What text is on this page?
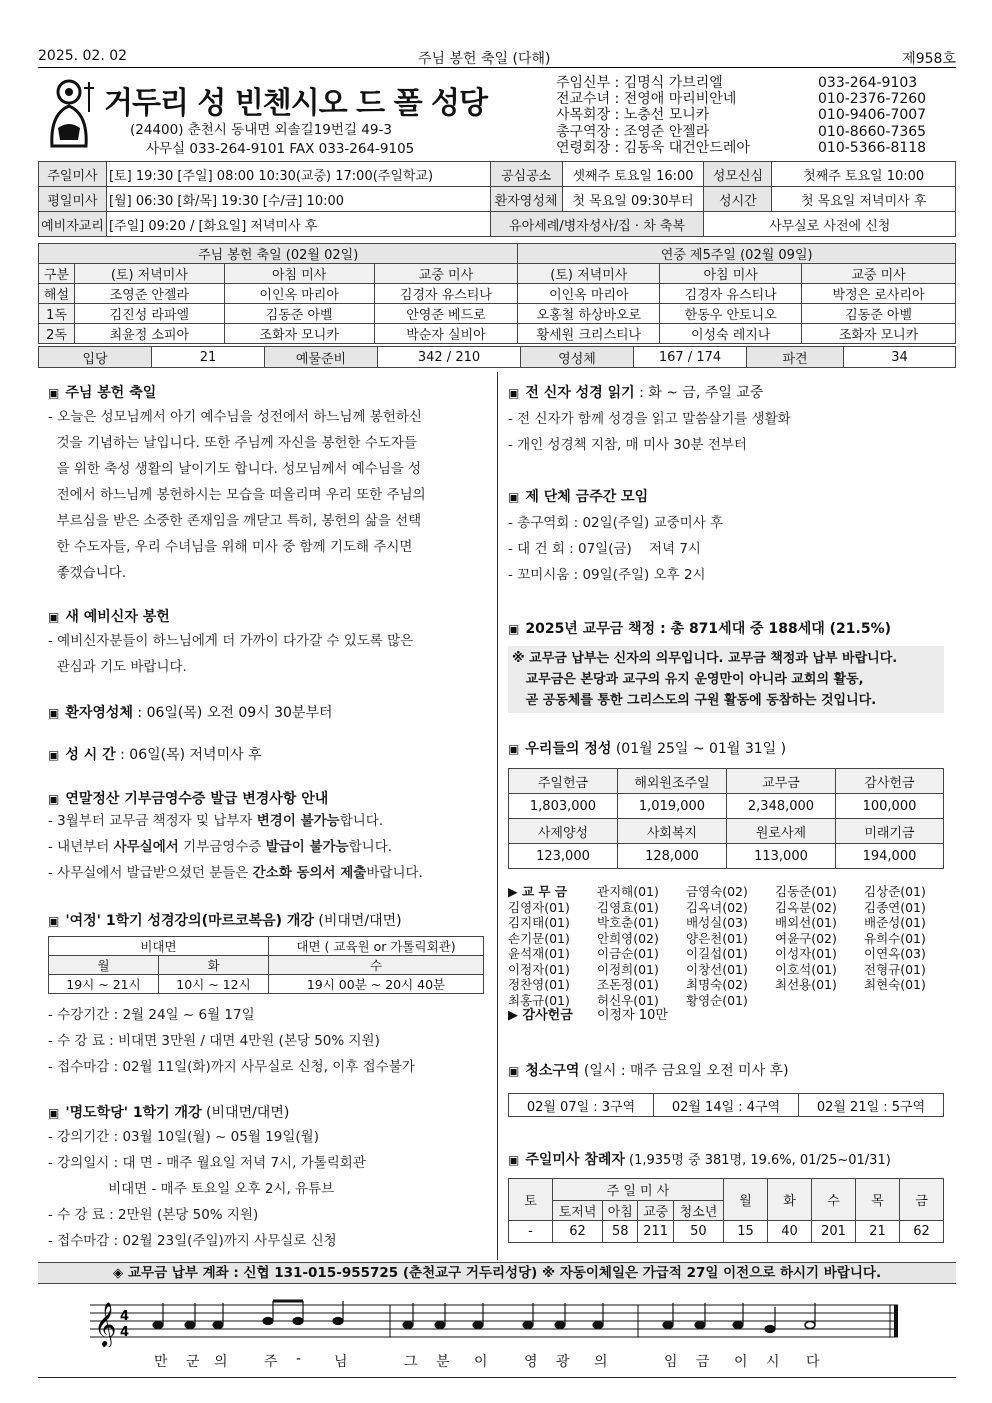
2025. 02. 02	주님 봉헌 축일 (다해)	제958호
거두리 성 빈첸시오 드 폴 성당
(24400) 춘천시 동내면 외솔길19번길 49-3
사무실 033-264-9101 FAX 033-264-9105
주임신부 : 김명식 가브리엘	033-264-9103
전교수녀 : 전영애 마리비안네	010-2376-7260
사목회장 : 노충선 모니카	010-9406-7007
총구역장 : 조영준 안젤라	010-8660-7365
연령회장 : 김동욱 대건안드레아	010-5366-8118
주일미사	[토] 19:30 [주일] 08:00 10:30(교중) 17:00(주일학교)	공심공소	셋째주 토요일 16:00	성모신심	첫째주 토요일 10:00
평일미사	[월] 06:30 [화/목] 19:30 [수/금] 10:00	환자영성체	첫 목요일 09:30부터	성시간	첫 목요일 저녁미사 후
예비자교리	[주일] 09:20 / [화요일] 저녁미사 후	유아세례/병자성사/집 · 차 축복		사무실로 사전에 신청	
주님 봉헌 축일 (02월 02일)				연중 제5주일 (02월 09일)		
구분	(토) 저녁미사	아침 미사	교중 미사	(토) 저녁미사	아침 미사	교중 미사
해설	조영준 안젤라	이인옥 마리아	김경자 유스티나	이인옥 마리아	김경자 유스티나	박정은 로사리아
1독	김진성 라파엘	김동준 아벨	안영준 베드로	오홍철 하상바오로	한동우 안토니오	김동준 아벨
2독	최윤정 소피아	조화자 모니카	박순자 실비아	황세원 크리스티나	이성숙 레지나	조화자 모니카
입당	21	예물준비	342 / 210	영성체	167 / 174	파견	34
▣ 주님 봉헌 축일
- 오늘은 성모님께서 아기 예수님을 성전에서 하느님께 봉헌하신
것을 기념하는 날입니다. 또한 주님께 자신을 봉헌한 수도자들
을 위한 축성 생활의 날이기도 합니다. 성모님께서 예수님을 성
전에서 하느님께 봉헌하시는 모습을 떠올리며 우리 또한 주님의
부르심을 받은 소중한 존재임을 깨닫고 특히, 봉헌의 삶을 선택
한 수도자들, 우리 수녀님을 위해 미사 중 함께 기도해 주시면
좋겠습니다.
▣ 새 예비신자 봉헌
- 예비신자분들이 하느님에게 더 가까이 다가갈 수 있도록 많은
관심과 기도 바랍니다.
▣ 환자영성체 : 06일(목) 오전 09시 30분부터
▣ 성 시 간 : 06일(목) 저녁미사 후
▣ 연말정산 기부금영수증 발급 변경사항 안내
- 3월부터 교무금 책정자 및 납부자 변경이 불가능합니다.
- 내년부터 사무실에서 기부금영수증 발급이 불가능합니다.
- 사무실에서 발급받으셨던 분들은 간소화 동의서 제출바랍니다.
▣ '여정' 1학기 성경강의(마르코복음) 개강 (비대면/대면)
비대면		대면 ( 교육원 or 가톨릭회관)
월	화	수
19시 ~ 21시	10시 ~ 12시	19시 00분 ~ 20시 40분
- 수강기간 : 2월 24일 ~ 6월 17일
- 수 강 료 : 비대면 3만원 / 대면 4만원 (본당 50% 지원)
- 접수마감 : 02월 11일(화)까지 사무실로 신청, 이후 접수불가
▣ '명도학당' 1학기 개강 (비대면/대면)
- 강의기간 : 03월 10일(월) ~ 05월 19일(월)
- 강의일시 : 대 면 - 매주 월요일 저녁 7시, 가톨릭회관
비대면 - 매주 토요일 오후 2시, 유튜브
- 수 강 료 : 2만원 (본당 50% 지원)
- 접수마감 : 02월 23일(주일)까지 사무실로 신청
▣ 전 신자 성경 읽기 : 화 ~ 금, 주일 교중
- 전 신자가 함께 성경을 읽고 말씀살기를 생활화
- 개인 성경책 지참, 매 미사 30분 전부터
▣ 제 단체 금주간 모임
- 총구역회 : 02일(주일) 교중미사 후
- 대 건 회 : 07일(금)    저녁 7시
- 꼬미시움 : 09일(주일) 오후 2시
▣ 2025년 교무금 책정 : 총 871세대 중 188세대 (21.5%)
※ 교무금 납부는 신자의 의무입니다. 교무금 책정과 납부 바랍니다.
교무금은 본당과 교구의 유지 운영만이 아니라 교회의 활동,
곧 공동체를 통한 그리스도의 구원 활동에 동참하는 것입니다.
▣ 우리들의 정성 (01월 25일 ~ 01월 31일 )
주일헌금	해외원조주일	교무금	감사헌금
1,803,000	1,019,000	2,348,000	100,000
사제양성	사회복지	원로사제	미래기금
123,000	128,000	113,000	194,000
▶ 교 무 금 관지해(01) 금영숙(02) 김동준(01) 김상준(01)
김영자(01) 김영효(01) 김옥녀(02) 김옥분(02) 김종연(01)
김지태(01) 박호춘(01) 배성실(03) 배외선(01) 배준성(01)
손기문(01) 안희영(02) 양은천(01) 여윤구(02) 유희수(01)
윤석재(01) 이금순(01) 이길섭(01) 이성자(01) 이연옥(03)
이정자(01) 이정희(01) 이창선(01) 이호석(01) 전형규(01)
정찬영(01) 조돈정(01) 최명숙(02) 최선용(01) 최현숙(01)
최홍규(01) 허신우(01) 황영순(01)
▶ 감사헌금 이정자 10만
▣ 청소구역 (일시 : 매주 금요일 오전 미사 후)
02월 07일 : 3구역	02월 14일 : 4구역	02월 21일 : 5구역
▣ 주일미사 참례자 (1,935명 중 381명, 19.6%, 01/25~01/31)
토	주 일 미 사				월	화	수	목	금
	토저녁	아침	교중	청소년					
-	62	58	211	50	15	40	201	21	62
◈ 교무금 납부 계좌 : 신협 131-015-955725 (춘천교구 거두리성당) ※ 자동이체일은 가급적 27일 이전으로 하시기 바랍니다.
𝄞 4
4
만 군 의	주 - 님	그 분 이	영 광 의	임 금 이 시 다
